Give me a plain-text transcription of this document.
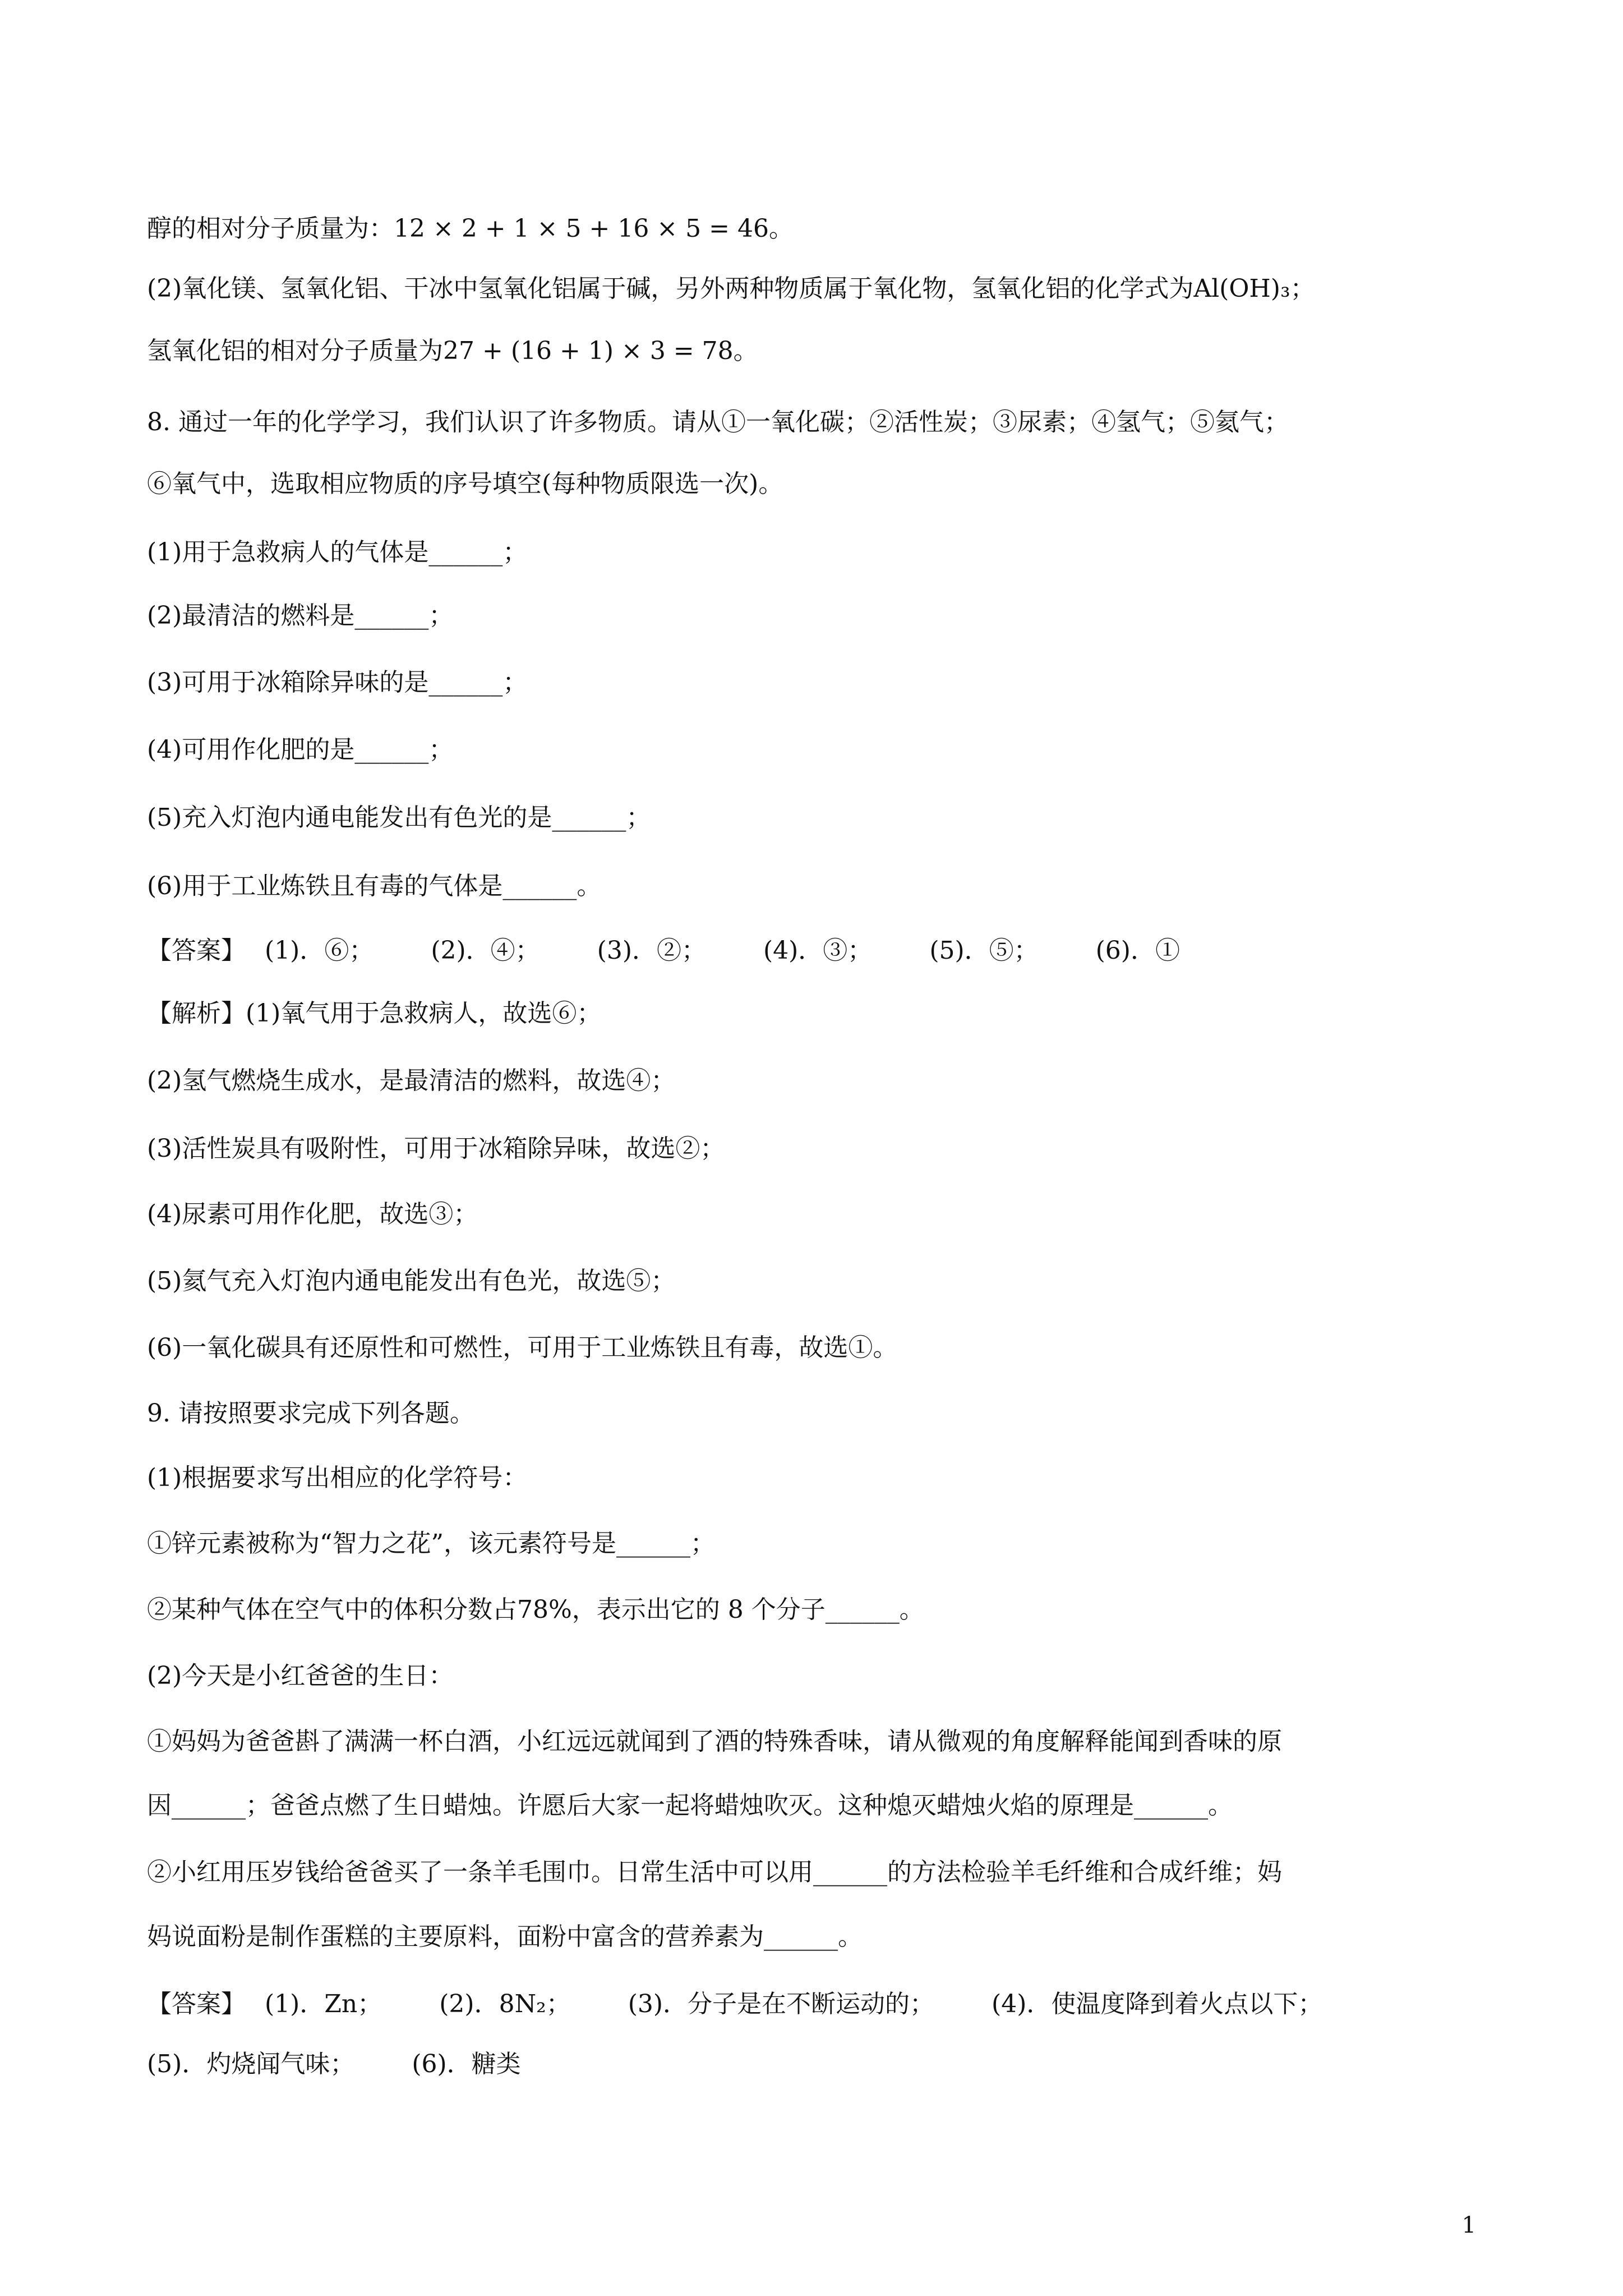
醇的相对分子质量为：12 × 2 + 1 × 5 + 16 × 5 = 46。
(2)氧化镁、氢氧化铝、干冰中氢氧化铝属于碱，另外两种物质属于氧化物，氢氧化铝的化学式为Al(OH)₃；
氢氧化铝的相对分子质量为27 + (16 + 1) × 3 = 78。
8. 通过一年的化学学习，我们认识了许多物质。请从①一氧化碳；②活性炭；③尿素；④氢气；⑤氦气；
⑥氧气中，选取相应物质的序号填空(每种物质限选一次)。
(1)用于急救病人的气体是______；
(2)最清洁的燃料是______；
(3)可用于冰箱除异味的是______；
(4)可用作化肥的是______；
(5)充入灯泡内通电能发出有色光的是______；
(6)用于工业炼铁且有毒的气体是______。
【答案】 (1)．⑥； (2)．④； (3)．②； (4)．③； (5)．⑤； (6)．①
【解析】(1)氧气用于急救病人，故选⑥；
(2)氢气燃烧生成水，是最清洁的燃料，故选④；
(3)活性炭具有吸附性，可用于冰箱除异味，故选②；
(4)尿素可用作化肥，故选③；
(5)氦气充入灯泡内通电能发出有色光，故选⑤；
(6)一氧化碳具有还原性和可燃性，可用于工业炼铁且有毒，故选①。
9. 请按照要求完成下列各题。
(1)根据要求写出相应的化学符号：
①锌元素被称为“智力之花”，该元素符号是______；
②某种气体在空气中的体积分数占78%，表示出它的 8 个分子______。
(2)今天是小红爸爸的生日：
①妈妈为爸爸斟了满满一杯白酒，小红远远就闻到了酒的特殊香味，请从微观的角度解释能闻到香味的原
因______；爸爸点燃了生日蜡烛。许愿后大家一起将蜡烛吹灭。这种熄灭蜡烛火焰的原理是______。
②小红用压岁钱给爸爸买了一条羊毛围巾。日常生活中可以用______的方法检验羊毛纤维和合成纤维；妈
妈说面粉是制作蛋糕的主要原料，面粉中富含的营养素为______。
【答案】 (1)．Zn； (2)．8N₂； (3)．分子是在不断运动的； (4)．使温度降到着火点以下；
(5)．灼烧闻气味； (6)．糖类
1
